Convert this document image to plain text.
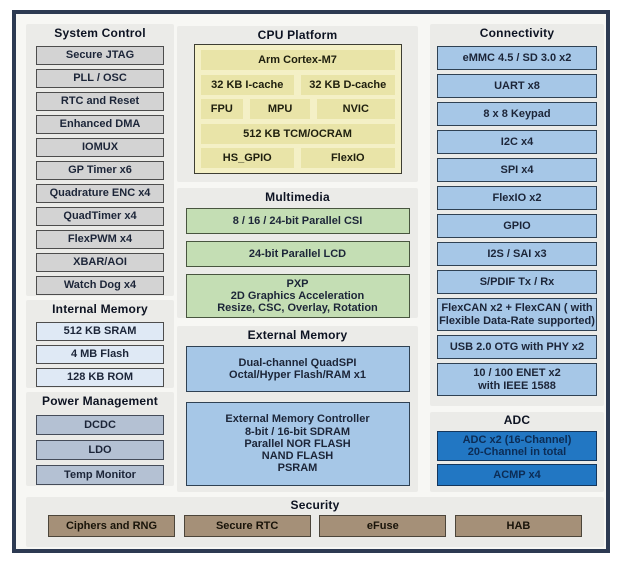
System Control
Secure JTAG
PLL / OSC
RTC and Reset
Enhanced DMA
IOMUX
GP Timer x6
Quadrature ENC x4
QuadTimer x4
FlexPWM x4
XBAR/AOI
Watch Dog x4
Internal Memory
512 KB SRAM
4 MB Flash
128 KB ROM
Power Management
DCDC
LDO
Temp Monitor
CPU Platform
Arm Cortex-M7
32 KB I-cache	32 KB D-cache
FPU	MPU	NVIC
512 KB TCM/OCRAM
HS_GPIO	FlexIO
Multimedia
8 / 16 / 24-bit Parallel CSI
24-bit Parallel LCD
PXP
2D Graphics Acceleration
Resize, CSC, Overlay, Rotation
External Memory
Dual-channel QuadSPI
Octal/Hyper Flash/RAM x1
External Memory Controller
8-bit / 16-bit SDRAM
Parallel NOR FLASH
NAND FLASH
PSRAM
Connectivity
eMMC 4.5 / SD 3.0 x2
UART x8
8 x 8 Keypad
I2C x4
SPI x4
FlexIO x2
GPIO
I2S / SAI x3
S/PDIF Tx / Rx
FlexCAN x2 + FlexCAN ( with
Flexible Data-Rate supported)
USB 2.0 OTG with PHY x2
10 / 100 ENET x2
with IEEE 1588
ADC
ADC x2 (16-Channel)
20-Channel in total
ACMP x4
Security
Ciphers and RNG	Secure RTC	eFuse	HAB
